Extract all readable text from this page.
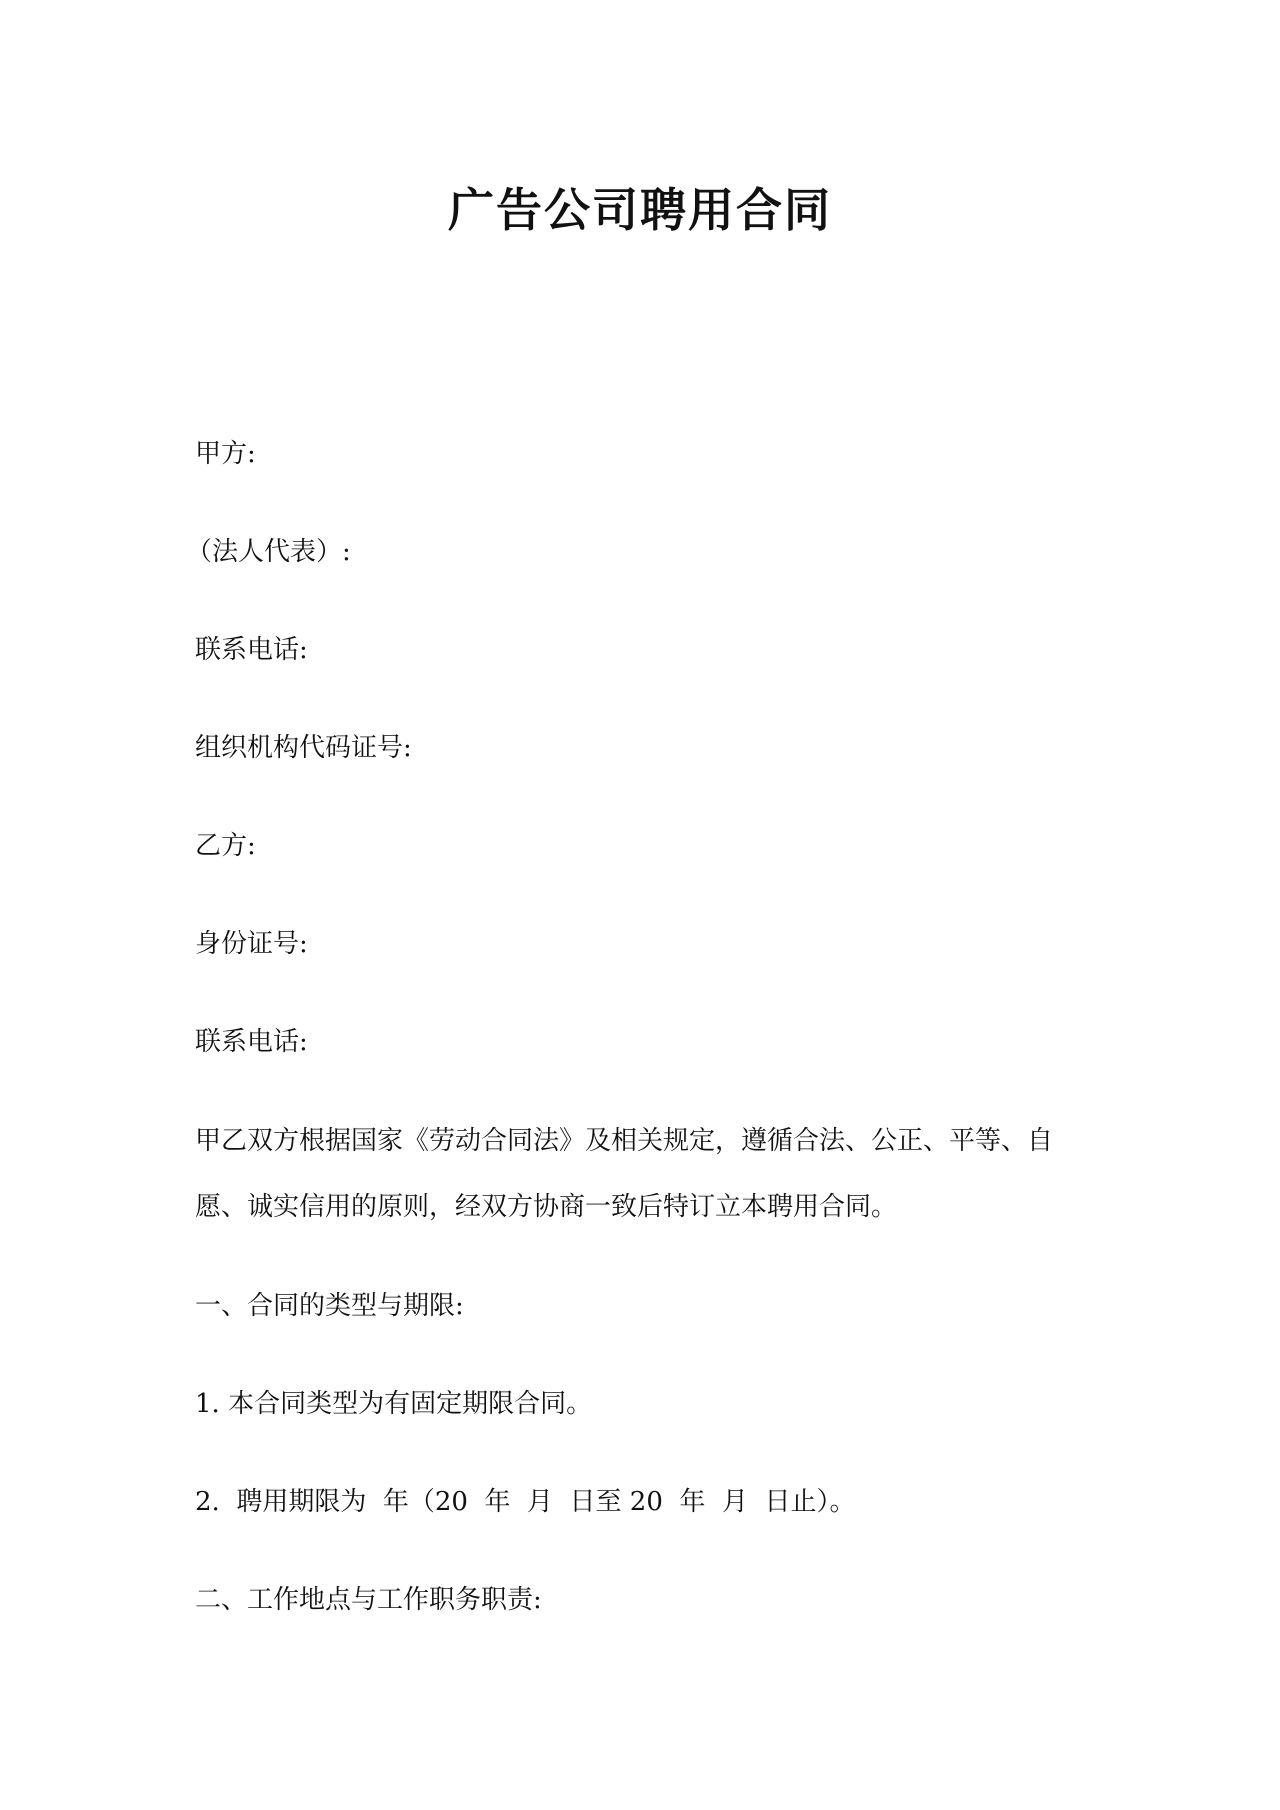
广告公司聘用合同
甲方:
（法人代表）:
联系电话:
组织机构代码证号:
乙方:
身份证号:
联系电话:
甲乙双方根据国家《劳动合同法》及相关规定，遵循合法、公正、平等、自
愿、诚实信用的原则，经双方协商一致后特订立本聘用合同。
一、合同的类型与期限:
1. 本合同类型为有固定期限合同。
2.  聘用期限为  年（20  年  月  日至 20  年  月  日止）。
二、工作地点与工作职务职责:
